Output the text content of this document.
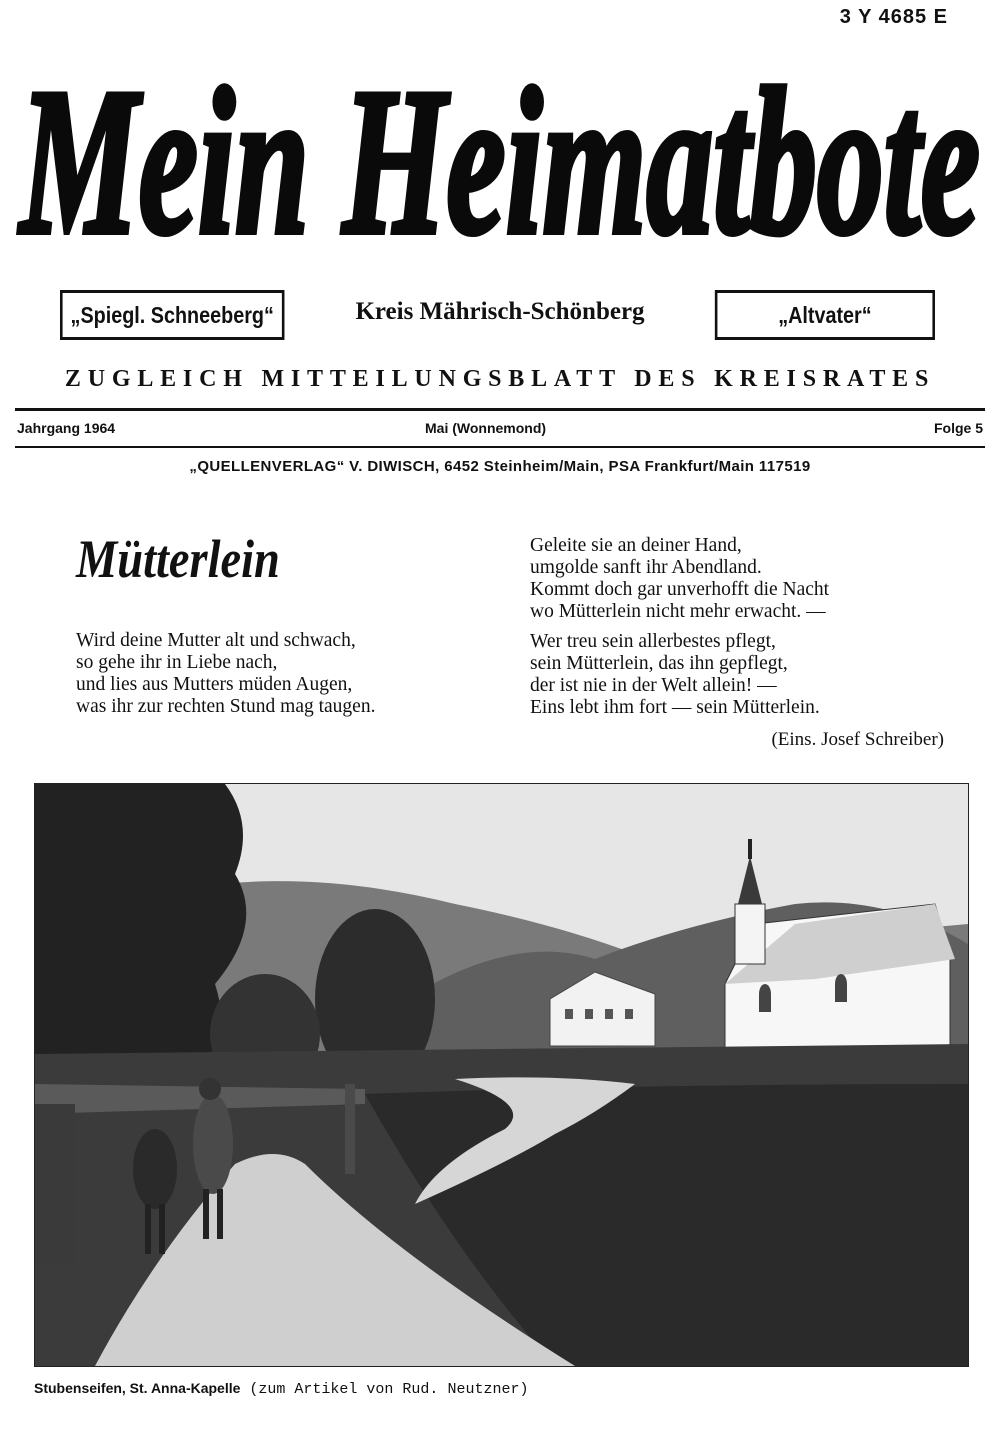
3 Y 4685 E
Mein Heimatbote
„Spiegl. Schneeberg“	Kreis Mährisch-Schönberg	„Altvater“
ZUGLEICH MITTEILUNGSBLATT DES KREISRATES
Jahrgang 1964	Mai (Wonnemond)	Folge 5
„QUELLENVERLAG“ V. DIWISCH, 6452 Steinheim/Main, PSA Frankfurt/Main 117519
Mütterlein
Wird deine Mutter alt und schwach,
so gehe ihr in Liebe nach,
und lies aus Mutters müden Augen,
was ihr zur rechten Stund mag taugen.
Geleite sie an deiner Hand,
umgolde sanft ihr Abendland.
Kommt doch gar unverhofft die Nacht
wo Mütterlein nicht mehr erwacht. —
Wer treu sein allerbestes pflegt,
sein Mütterlein, das ihn gepflegt,
der ist nie in der Welt allein! —
Eins lebt ihm fort — sein Mütterlein.
(Eins. Josef Schreiber)
Stubenseifen, St. Anna-Kapelle (zum Artikel von Rud. Neutzner)
